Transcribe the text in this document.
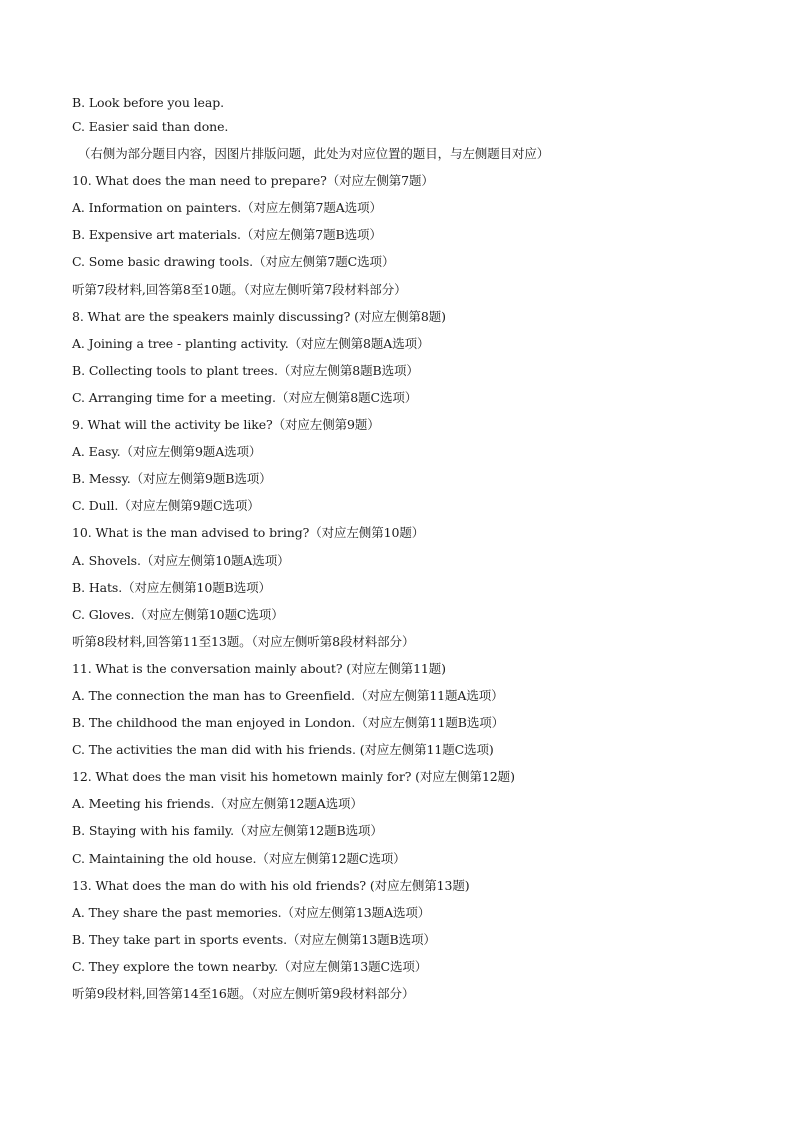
B. Look before you leap.
C. Easier said than done.
（右侧为部分题目内容，因图片排版问题，此处为对应位置的题目，与左侧题目对应）
10. What does the man need to prepare?（对应左侧第7题）
A. Information on painters.（对应左侧第7题A选项）
B. Expensive art materials.（对应左侧第7题B选项）
C. Some basic drawing tools.（对应左侧第7题C选项）
听第7段材料,回答第8至10题。（对应左侧听第7段材料部分）
8. What are the speakers mainly discussing? (对应左侧第8题)
A. Joining a tree - planting activity.（对应左侧第8题A选项）
B. Collecting tools to plant trees.（对应左侧第8题B选项）
C. Arranging time for a meeting.（对应左侧第8题C选项）
9. What will the activity be like?（对应左侧第9题）
A. Easy.（对应左侧第9题A选项）
B. Messy.（对应左侧第9题B选项）
C. Dull.（对应左侧第9题C选项）
10. What is the man advised to bring?（对应左侧第10题）
A. Shovels.（对应左侧第10题A选项）
B. Hats.（对应左侧第10题B选项）
C. Gloves.（对应左侧第10题C选项）
听第8段材料,回答第11至13题。（对应左侧听第8段材料部分）
11. What is the conversation mainly about? (对应左侧第11题)
A. The connection the man has to Greenfield.（对应左侧第11题A选项）
B. The childhood the man enjoyed in London.（对应左侧第11题B选项）
C. The activities the man did with his friends. (对应左侧第11题C选项)
12. What does the man visit his hometown mainly for? (对应左侧第12题)
A. Meeting his friends.（对应左侧第12题A选项）
B. Staying with his family.（对应左侧第12题B选项）
C. Maintaining the old house.（对应左侧第12题C选项）
13. What does the man do with his old friends? (对应左侧第13题)
A. They share the past memories.（对应左侧第13题A选项）
B. They take part in sports events.（对应左侧第13题B选项）
C. They explore the town nearby.（对应左侧第13题C选项）
听第9段材料,回答第14至16题。（对应左侧听第9段材料部分）
